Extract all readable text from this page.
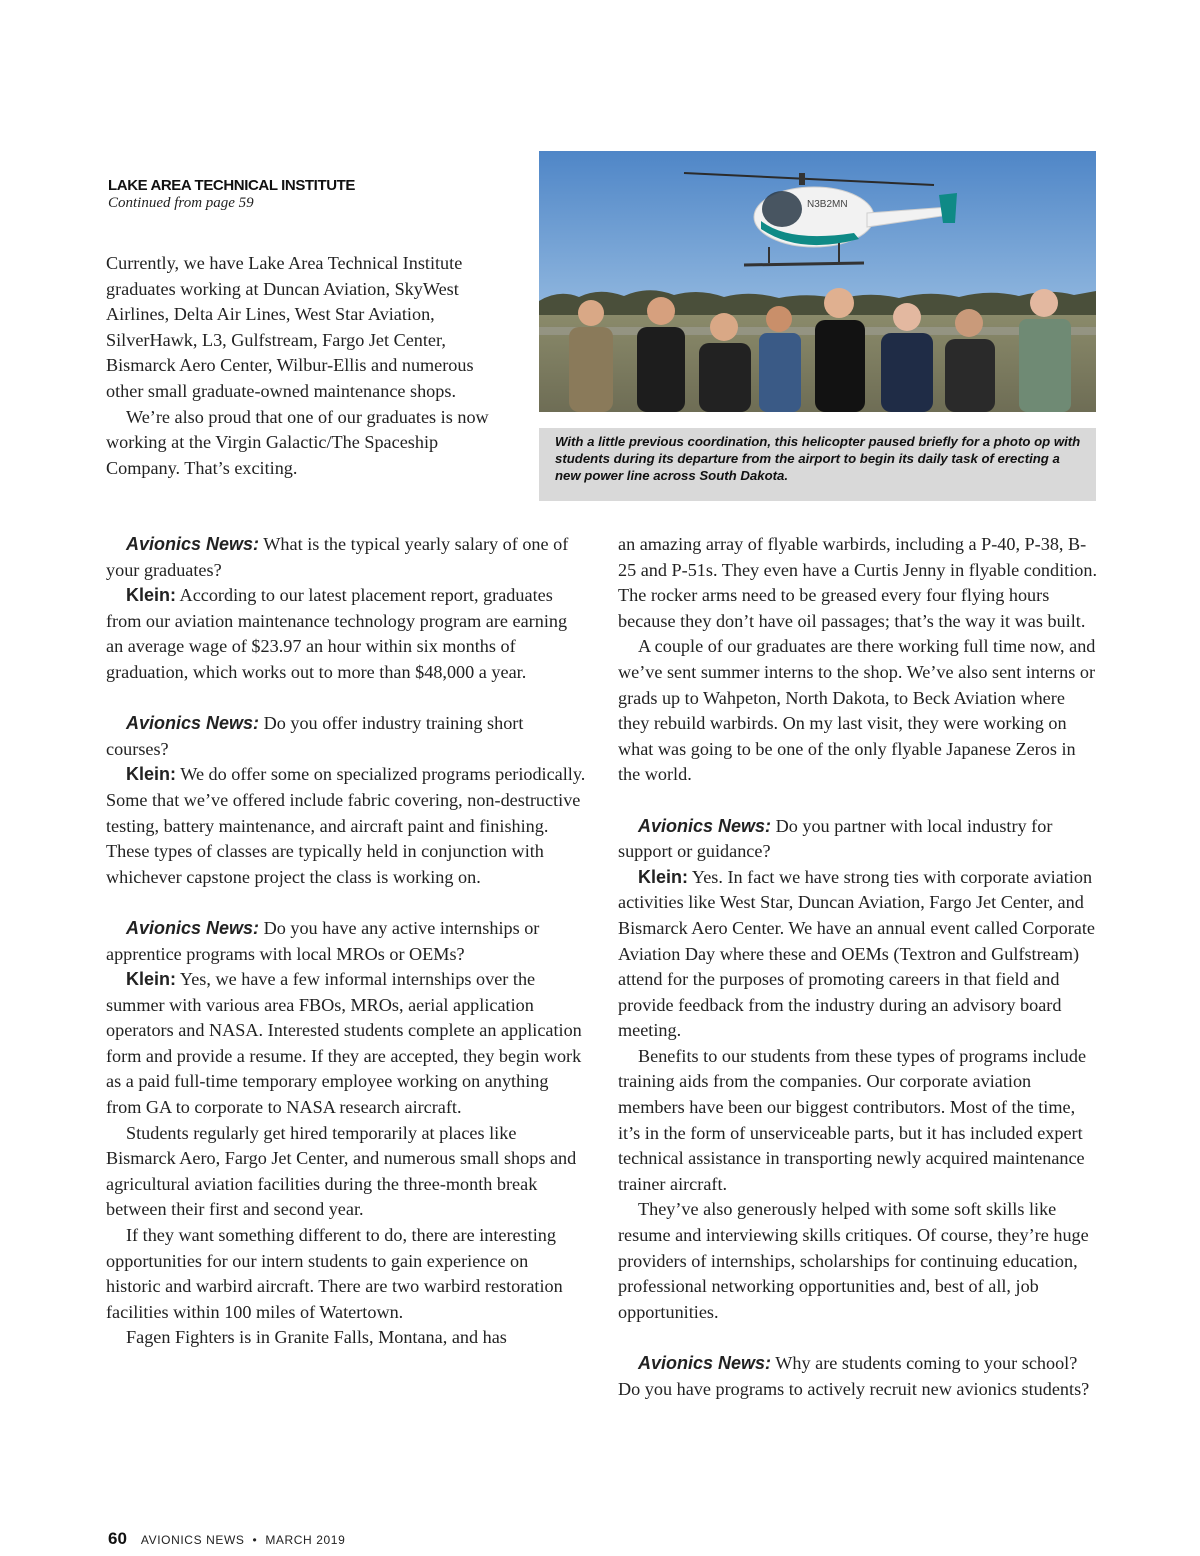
LAKE AREA TECHNICAL INSTITUTE
Continued from page 59

Currently, we have Lake Area Technical Institute graduates working at Duncan Aviation, SkyWest Airlines, Delta Air Lines, West Star Aviation, SilverHawk, L3, Gulfstream, Fargo Jet Center, Bismarck Aero Center, Wilbur-Ellis and numerous other small graduate-owned maintenance shops.

We’re also proud that one of our graduates is now working at the Virgin Galactic/The Spaceship Company. That’s exciting.

N3B2MN
With a little previous coordination, this helicopter paused briefly for a photo op with students during its departure from the airport to begin its daily task of erecting a new power line across South Dakota.

Avionics News: What is the typical yearly salary of one of your graduates?

Klein: According to our latest placement report, graduates from our aviation maintenance technology program are earning an average wage of $23.97 an hour within six months of graduation, which works out to more than $48,000 a year.

Avionics News: Do you offer industry training short courses?

Klein: We do offer some on specialized programs periodically. Some that we’ve offered include fabric covering, non-destructive testing, battery maintenance, and aircraft paint and finishing. These types of classes are typically held in conjunction with whichever capstone project the class is working on.

Avionics News: Do you have any active internships or apprentice programs with local MROs or OEMs?

Klein: Yes, we have a few informal internships over the summer with various area FBOs, MROs, aerial application operators and NASA. Interested students complete an application form and provide a resume. If they are accepted, they begin work as a paid full-time temporary employee working on anything from GA to corporate to NASA research aircraft.

Students regularly get hired temporarily at places like Bismarck Aero, Fargo Jet Center, and numerous small shops and agricultural aviation facilities during the three-month break between their first and second year.

If they want something different to do, there are interesting opportunities for our intern students to gain experience on historic and warbird aircraft. There are two warbird restoration facilities within 100 miles of Watertown.

Fagen Fighters is in Granite Falls, Montana, and has

an amazing array of flyable warbirds, including a P-40, P-38, B-25 and P-51s. They even have a Curtis Jenny in flyable condition. The rocker arms need to be greased every four flying hours because they don’t have oil passages; that’s the way it was built.

A couple of our graduates are there working full time now, and we’ve sent summer interns to the shop. We’ve also sent interns or grads up to Wahpeton, North Dakota, to Beck Aviation where they rebuild warbirds. On my last visit, they were working on what was going to be one of the only flyable Japanese Zeros in the world.

Avionics News: Do you partner with local industry for support or guidance?

Klein: Yes. In fact we have strong ties with corporate aviation activities like West Star, Duncan Aviation, Fargo Jet Center, and Bismarck Aero Center. We have an annual event called Corporate Aviation Day where these and OEMs (Textron and Gulfstream) attend for the purposes of promoting careers in that field and provide feedback from the industry during an advisory board meeting.

Benefits to our students from these types of programs include training aids from the companies. Our corporate aviation members have been our biggest contributors. Most of the time, it’s in the form of unserviceable parts, but it has included expert technical assistance in transporting newly acquired maintenance trainer aircraft.

They’ve also generously helped with some soft skills like resume and interviewing skills critiques. Of course, they’re huge providers of internships, scholarships for continuing education, professional networking opportunities and, best of all, job opportunities.

Avionics News: Why are students coming to your school? Do you have programs to actively recruit new avionics students?

60 AVIONICS NEWS • MARCH 2019
